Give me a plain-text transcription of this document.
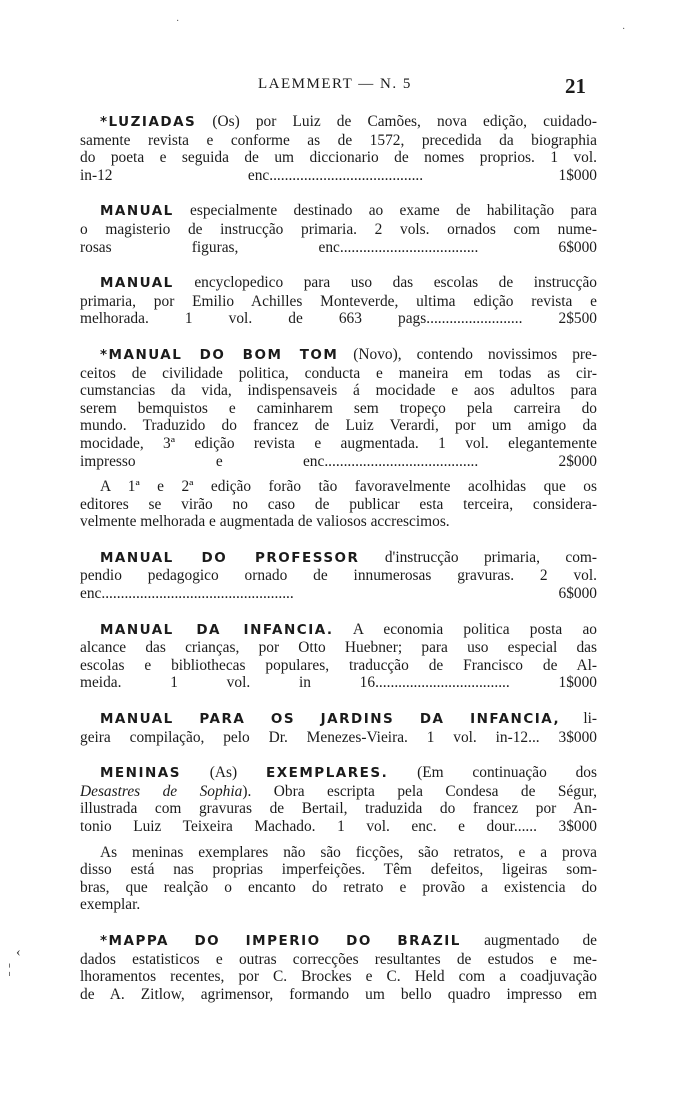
LAEMMERT — N. 5	21
·
·
‹
¦
*LUZIADAS (Os) por Luiz de Camões, nova edição, cuidado-
samente revista e conforme as de 1572, precedida da biographia
do poeta e seguida de um diccionario de nomes proprios. 1 vol.
in-12 enc........................................ 1$000
MANUAL especialmente destinado ao exame de habilitação para
o magisterio de instrucção primaria. 2 vols. ornados com nume-
rosas figuras, enc.................................... 6$000
MANUAL encyclopedico para uso das escolas de instrucção
primaria, por Emilio Achilles Monteverde, ultima edição revista e
melhorada. 1 vol. de 663 pags......................... 2$500
*MANUAL DO BOM TOM (Novo), contendo novissimos pre-
ceitos de civilidade politica, conducta e maneira em todas as cir-
cumstancias da vida, indispensaveis á mocidade e aos adultos para
serem bemquistos e caminharem sem tropeço pela carreira do
mundo. Traduzido do francez de Luiz Verardi, por um amigo da
mocidade, 3ª edição revista e augmentada. 1 vol. elegantemente
impresso e enc........................................ 2$000
A 1ª e 2ª edição forão tão favoravelmente acolhidas que os
editores se virão no caso de publicar esta terceira, considera-
velmente melhorada e augmentada de valiosos accrescimos.
MANUAL DO PROFESSOR d'instrucção primaria, com-
pendio pedagogico ornado de innumerosas gravuras. 2 vol.
enc.................................................. 6$000
MANUAL DA INFANCIA. A economia politica posta ao
alcance das crianças, por Otto Huebner; para uso especial das
escolas e bibliothecas populares, traducção de Francisco de Al-
meida. 1 vol. in 16................................... 1$000
MANUAL PARA OS JARDINS DA INFANCIA, li-
geira compilação, pelo Dr. Menezes-Vieira. 1 vol. in-12... 3$000
MENINAS (As) EXEMPLARES. (Em continuação dos
Desastres de Sophia). Obra escripta pela Condesa de Ségur,
illustrada com gravuras de Bertail, traduzida do francez por An-
tonio Luiz Teixeira Machado. 1 vol. enc. e dour...... 3$000
As meninas exemplares não são ficções, são retratos, e a prova
disso está nas proprias imperfeições. Têm defeitos, ligeiras som-
bras, que realção o encanto do retrato e provão a existencia do
exemplar.
*MAPPA DO IMPERIO DO BRAZIL augmentado de
dados estatisticos e outras correcções resultantes de estudos e me-
lhoramentos recentes, por C. Brockes e C. Held com a coadjuvação
de A. Zitlow, agrimensor, formando um bello quadro impresso em
